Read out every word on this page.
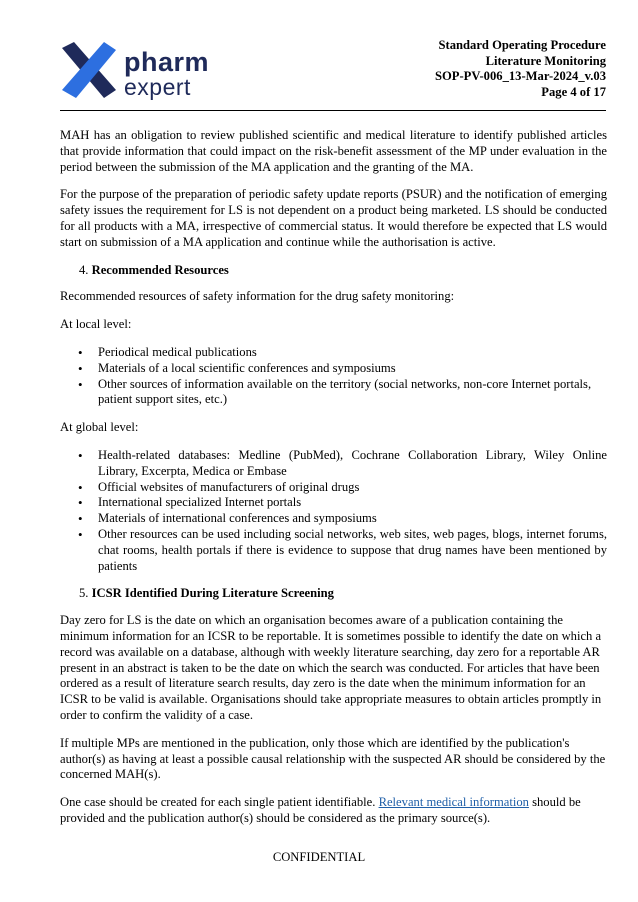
pharm
expert
Standard Operating Procedure
Literature Monitoring
SOP-PV-006_13-Mar-2024_v.03
Page 4 of 17

MAH has an obligation to review published scientific and medical literature to identify published articles that provide information that could impact on the risk-benefit assessment of the MP under evaluation in the period between the submission of the MA application and the granting of the MA.

For the purpose of the preparation of periodic safety update reports (PSUR) and the notification of emerging safety issues the requirement for LS is not dependent on a product being marketed. LS should be conducted for all products with a MA, irrespective of commercial status. It would therefore be expected that LS would start on submission of a MA application and continue while the authorisation is active.

4. Recommended Resources

Recommended resources of safety information for the drug safety monitoring:

At local level:

• Periodical medical publications
• Materials of a local scientific conferences and symposiums
• Other sources of information available on the territory (social networks, non-core Internet portals, patient support sites, etc.)

At global level:

• Health-related databases: Medline (PubMed), Cochrane Collaboration Library, Wiley Online Library, Excerpta, Medica or Embase
• Official websites of manufacturers of original drugs
• International specialized Internet portals
• Materials of international conferences and symposiums
• Other resources can be used including social networks, web sites, web pages, blogs, internet forums, chat rooms, health portals if there is evidence to suppose that drug names have been mentioned by patients
5. ICSR Identified During Literature Screening

Day zero for LS is the date on which an organisation becomes aware of a publication containing the minimum information for an ICSR to be reportable. It is sometimes possible to identify the date on which a record was available on a database, although with weekly literature searching, day zero for a reportable AR present in an abstract is taken to be the date on which the search was conducted. For articles that have been ordered as a result of literature search results, day zero is the date when the minimum information for an ICSR to be valid is available. Organisations should take appropriate measures to obtain articles promptly in order to confirm the validity of a case.

If multiple MPs are mentioned in the publication, only those which are identified by the publication's author(s) as having at least a possible causal relationship with the suspected AR should be considered by the concerned MAH(s).

One case should be created for each single patient identifiable. Relevant medical information should be provided and the publication author(s) should be considered as the primary source(s).

CONFIDENTIAL
